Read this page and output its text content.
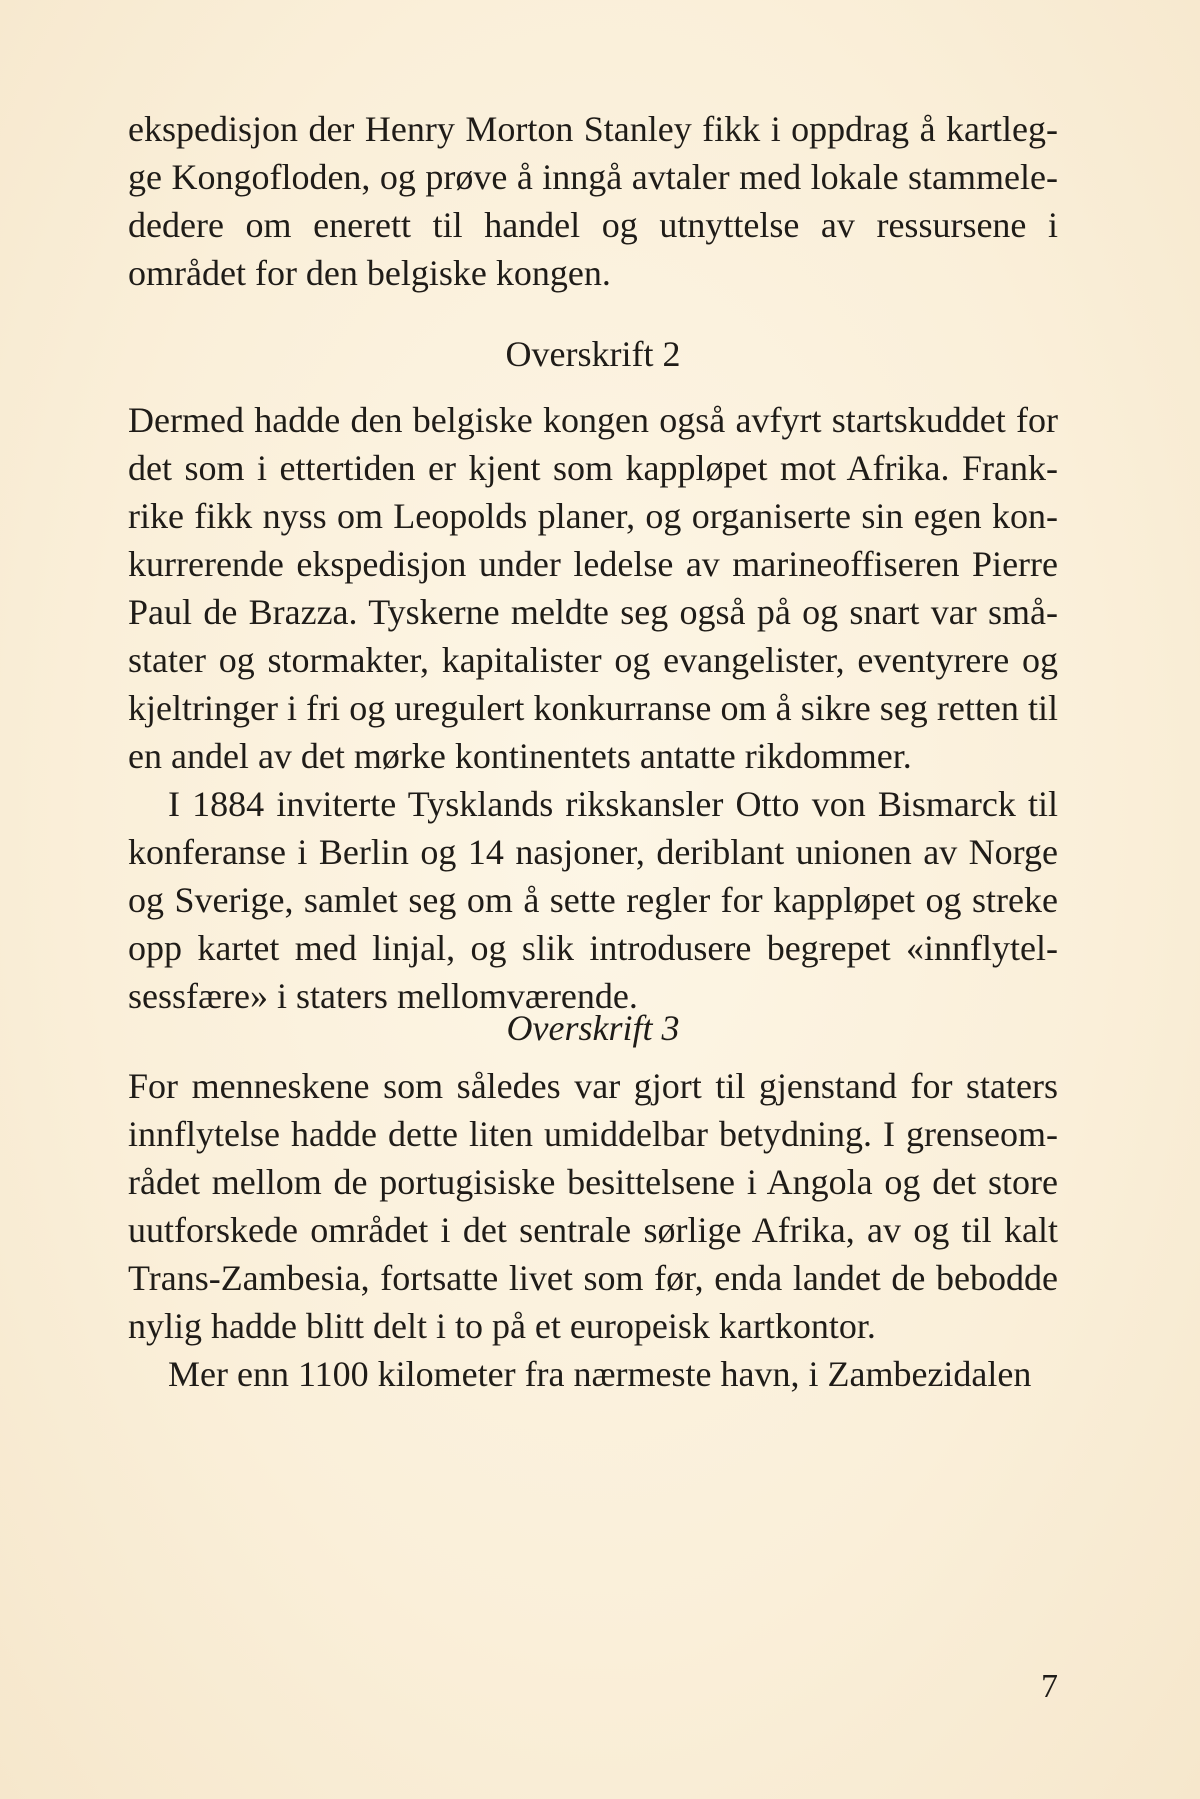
ekspedisjon der Henry Morton Stanley fikk i oppdrag å kartlegge Kongofloden, og prøve å inngå avtaler med lokale stammelededere om enerett til handel og utnyttelse av ressursene i området for den belgiske kongen.

Overskrift 2

Dermed hadde den belgiske kongen også avfyrt startskuddet for det som i ettertiden er kjent som kappløpet mot Afrika. Frankrike fikk nyss om Leopolds planer, og organiserte sin egen konkurrerende ekspedisjon under ledelse av marineoffiseren Pierre Paul de Brazza. Tyskerne meldte seg også på og snart var småstater og stormakter, kapitalister og evangelister, eventyrere og kjeltringer i fri og uregulert konkurranse om å sikre seg retten til en andel av det mørke kontinentets antatte rikdommer.

I 1884 inviterte Tysklands rikskansler Otto von Bismarck til konferanse i Berlin og 14 nasjoner, deriblant unionen av Norge og Sverige, samlet seg om å sette regler for kappløpet og streke opp kartet med linjal, og slik introdusere begrepet «innflytelsessfære» i staters mellomværende.

Overskrift 3

For menneskene som således var gjort til gjenstand for staters innflytelse hadde dette liten umiddelbar betydning. I grenseområdet mellom de portugisiske besittelsene i Angola og det store uutforskede området i det sentrale sørlige Afrika, av og til kalt Trans-Zambesia, fortsatte livet som før, enda landet de bebodde nylig hadde blitt delt i to på et europeisk kartkontor.

Mer enn 1100 kilometer fra nærmeste havn, i Zambezidalen

7
